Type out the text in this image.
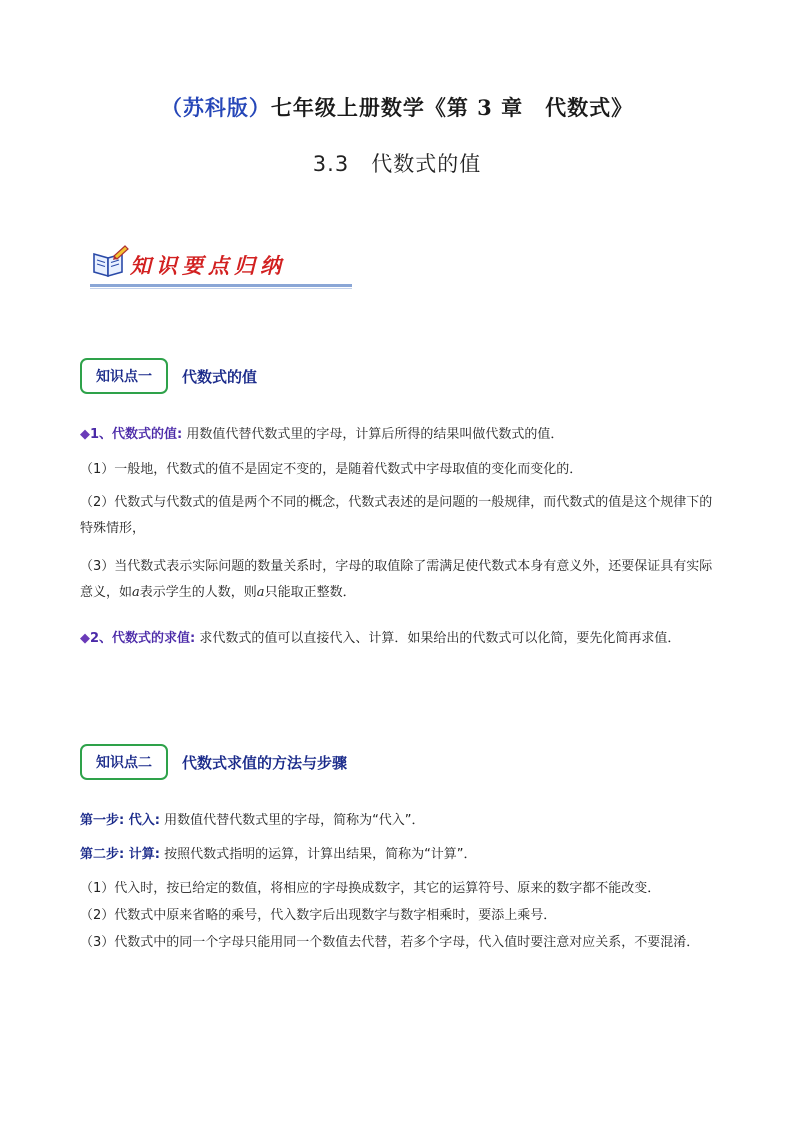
（苏科版）七年级上册数学《第 3 章　代数式》
3.3　代数式的值
知识要点归纳
知识点一	代数式的值
◆1、代数式的值: 用数值代替代数式里的字母，计算后所得的结果叫做代数式的值．
（1）一般地，代数式的值不是固定不变的，是随着代数式中字母取值的变化而变化的．
（2）代数式与代数式的值是两个不同的概念，代数式表述的是问题的一般规律，而代数式的值是这个规律下的特殊情形，
（3）当代数式表示实际问题的数量关系时，字母的取值除了需满足使代数式本身有意义外，还要保证具有实际意义，如a表示学生的人数，则a只能取正整数．
◆2、代数式的求值: 求代数式的值可以直接代入、计算．如果给出的代数式可以化简，要先化简再求值．
知识点二	代数式求值的方法与步骤
第一步: 代入: 用数值代替代数式里的字母，简称为“代入”．
第二步: 计算: 按照代数式指明的运算，计算出结果，简称为“计算”．
（1）代入时，按已给定的数值，将相应的字母换成数字，其它的运算符号、原来的数字都不能改变．
（2）代数式中原来省略的乘号，代入数字后出现数字与数字相乘时，要添上乘号．
（3）代数式中的同一个字母只能用同一个数值去代替，若多个字母，代入值时要注意对应关系，不要混淆．
